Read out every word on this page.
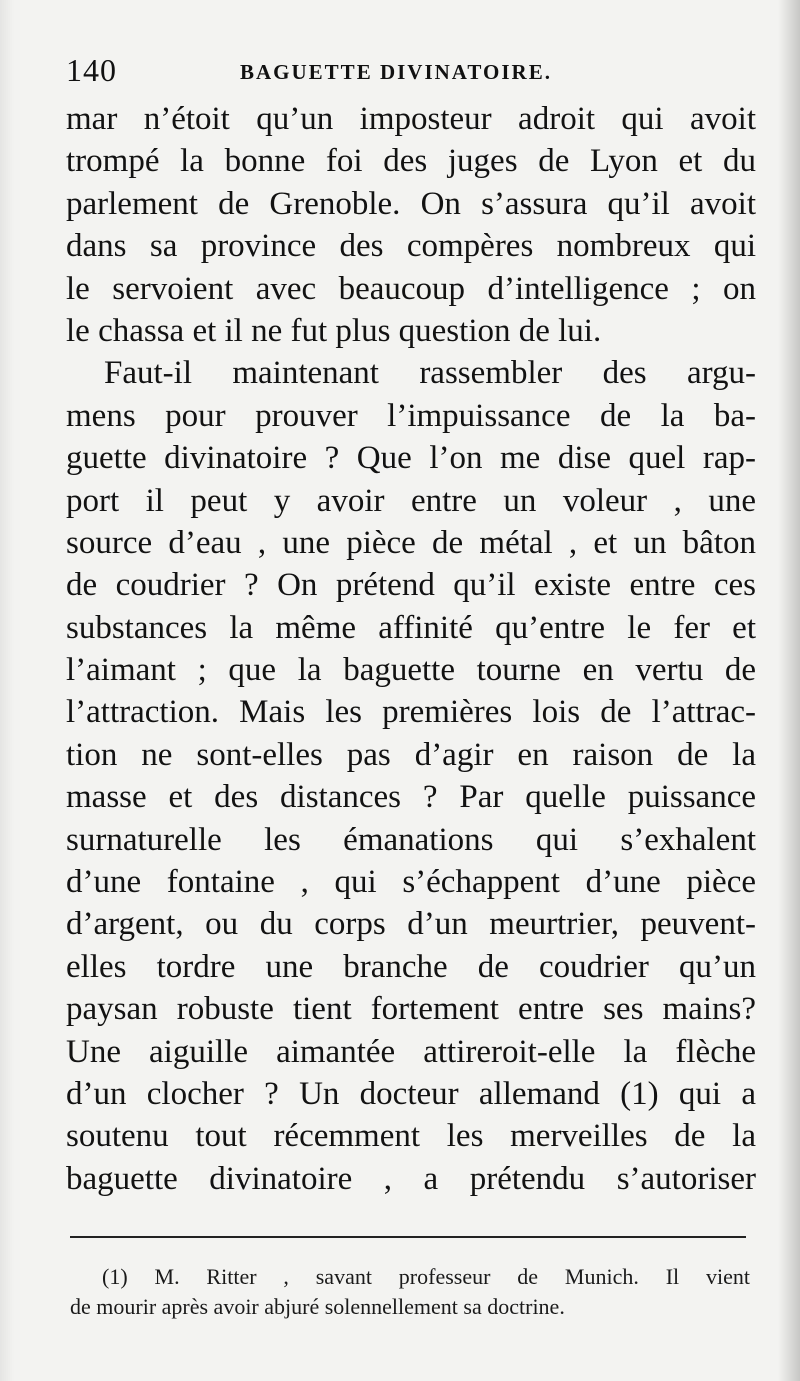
140	BAGUETTE DIVINATOIRE.
mar n’étoit qu’un imposteur adroit qui avoit
trompé la bonne foi des juges de Lyon et du
parlement de Grenoble. On s’assura qu’il avoit
dans sa province des compères nombreux qui
le servoient avec beaucoup d’intelligence ; on
le chassa et il ne fut plus question de lui.
Faut-il maintenant rassembler des argu-
mens pour prouver l’impuissance de la ba-
guette divinatoire ? Que l’on me dise quel rap-
port il peut y avoir entre un voleur , une
source d’eau , une pièce de métal , et un bâton
de coudrier ? On prétend qu’il existe entre ces
substances la même affinité qu’entre le fer et
l’aimant ; que la baguette tourne en vertu de
l’attraction. Mais les premières lois de l’attrac-
tion ne sont-elles pas d’agir en raison de la
masse et des distances ? Par quelle puissance
surnaturelle les émanations qui s’exhalent
d’une fontaine , qui s’échappent d’une pièce
d’argent, ou du corps d’un meurtrier, peuvent-
elles tordre une branche de coudrier qu’un
paysan robuste tient fortement entre ses mains?
Une aiguille aimantée attireroit-elle la flèche
d’un clocher ? Un docteur allemand (1) qui a
soutenu tout récemment les merveilles de la
baguette divinatoire , a prétendu s’autoriser
(1) M. Ritter , savant professeur de Munich. Il vient
de mourir après avoir abjuré solennellement sa doctrine.
